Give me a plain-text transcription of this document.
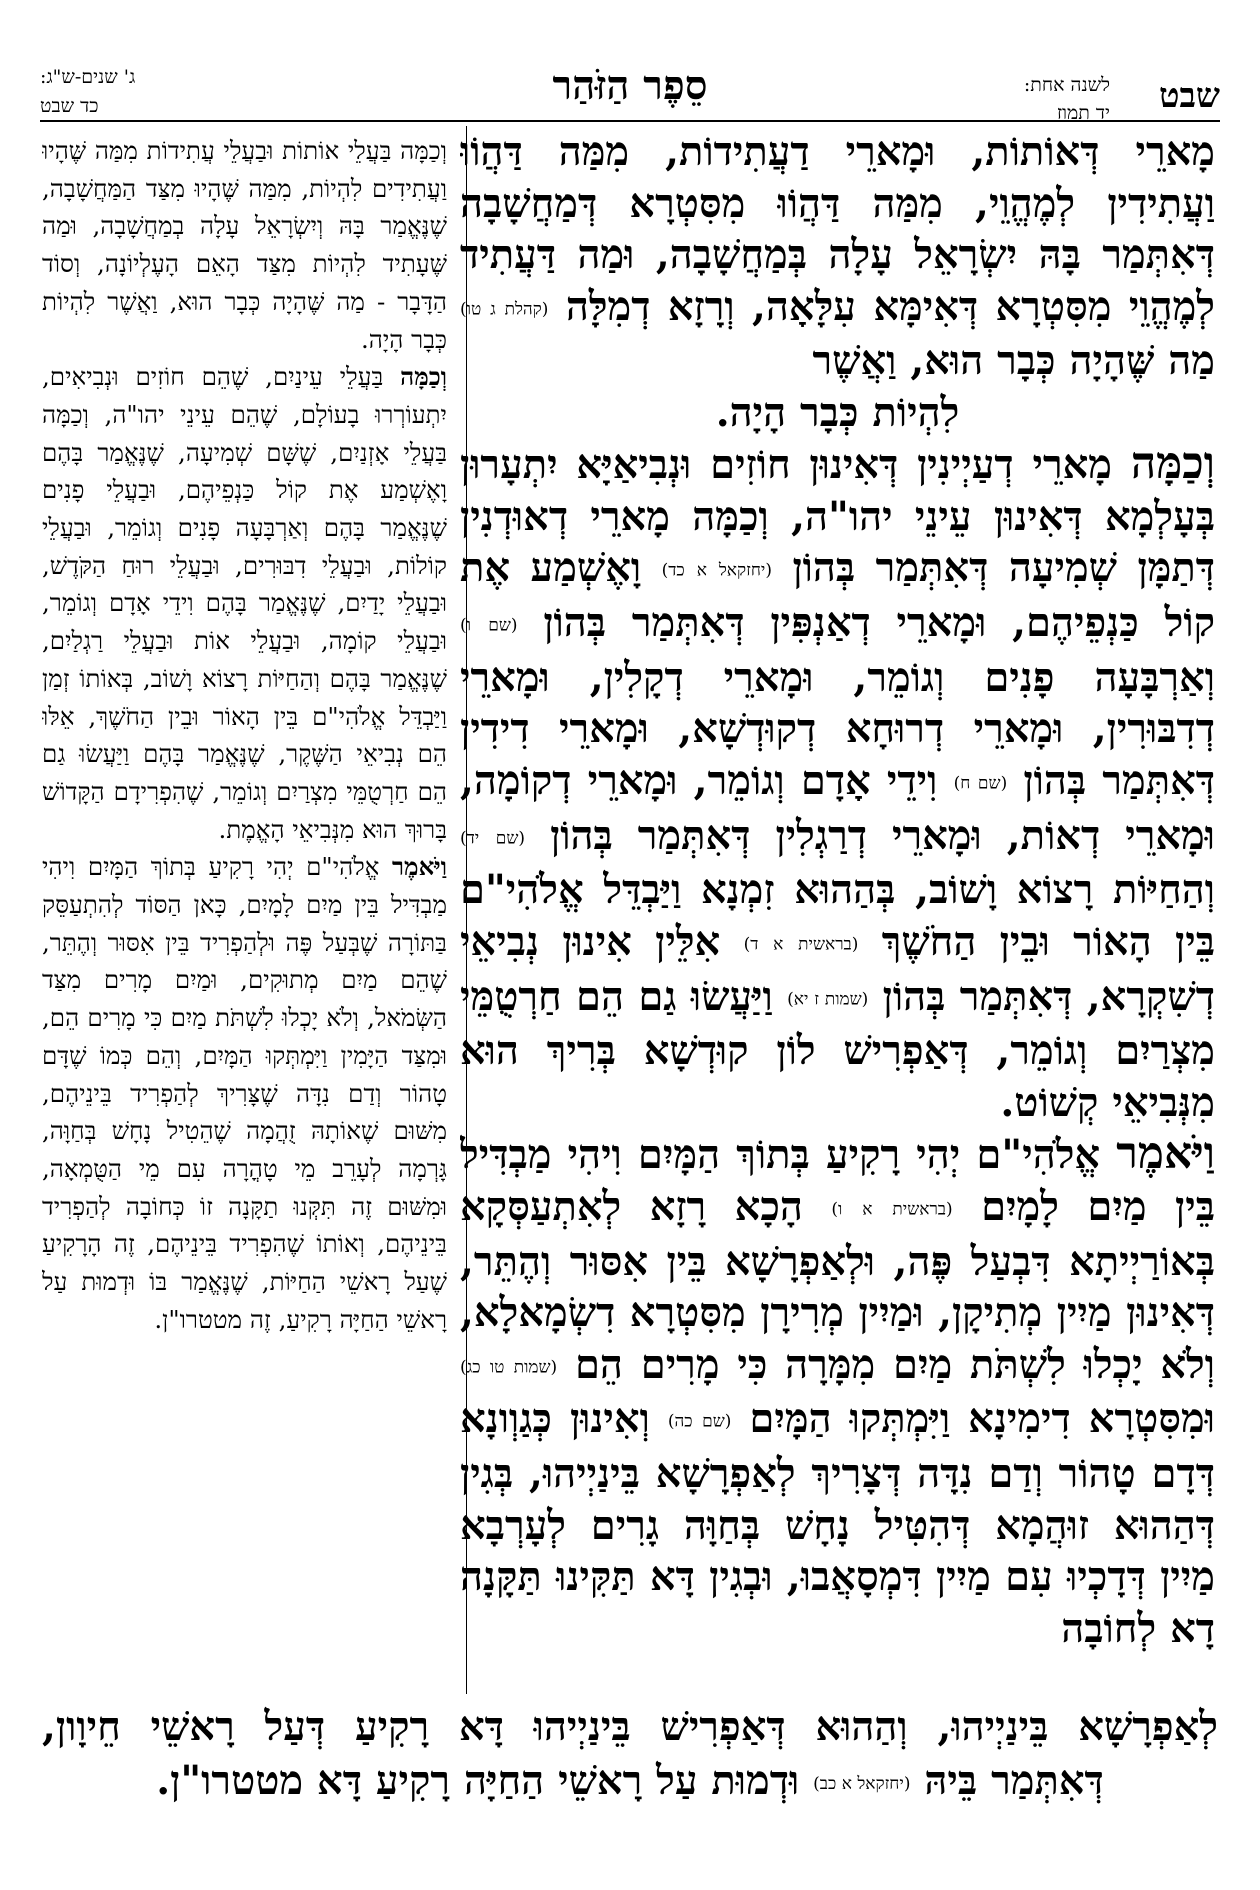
שבט
לשנה אחת:
יד תמוז
סֵפֶר הַזֹּהַר
ג' שנים-ש"ג:
כד שבט

מָארֵי דְּאוֹתוֹת, וּמָארֵי דַעֲתִידוֹת, מִמַּה דַּהֲוֹוּ וַעֲתִידִין לְמֶהֱוֵי, מִמַּה דַּהֲוֹוּ מִסִּטְרָא דְּמַחֲשָׁבָה דְּאִתְּמַר בָּהּ יִשְׂרָאֵל עָלָה בְּמַחֲשָׁבָה, וּמַה דַּעֲתִיד לְמֶהֱוֵי מִסִּטְרָא דְּאִימָּא עִלָּאָה, וְרָזָא דְמִלָּה (קהלת ג טו) מַה שֶּׁהָיָה כְּבָר הוּא, וַאֲשֶׁר

לִהְיוֹת כְּבָר הָיָה.

וְכַמָּה מָארֵי דְעַיְינִין דְּאִינוּן חוֹזִים וּנְבִיאַיָּא יִתְעָרוּן בְּעָלְמָא דְּאִינוּן עֵינֵי יהו"ה, וְכַמָּה מָארֵי דְאוּדְנִין דְּתַמָּן שְׁמִיעָה דְּאִתְּמַר בְּהוֹן (יחזקאל א כד) וָאֶשְׁמַע אֶת קוֹל כַּנְפֵיהֶם, וּמָארֵי דְאַנְפִּין דְּאִתְּמַר בְּהוֹן (שם ו) וְאַרְבָּעָה פָנִים וְגוֹמֵר, וּמָארֵי דְקָלִין, וּמָארֵי דְדִבּוּרִין, וּמָארֵי דְרוּחָא דְקוּדְשָׁא, וּמָארֵי דִידִין דְּאִתְּמַר בְּהוֹן (שם ח) וִידֵי אָדָם וְגוֹמֵר, וּמָארֵי דְקוֹמָה, וּמָארֵי דְאוֹת, וּמָארֵי דְרַגְלִין דְּאִתְּמַר בְּהוֹן (שם יד) וְהַחַיּוֹת רָצוֹא וָשׁוֹב, בְּהַהוּא זִמְנָא וַיַּבְדֵּל אֱלֹהִי"ם בֵּין הָאוֹר וּבֵין הַחֹשֶׁךְ (בראשית א ד) אִלֵּין אִינוּן נְבִיאֵי דְשִׁקְרָא, דְּאִתְּמַר בְּהוֹן (שמות ז יא) וַיַּעֲשׂוּ גַם הֵם חַרְטֻמֵּי מִצְרַיִם וְגוֹמֵר, דְּאַפְרִישׁ לוֹן קוּדְשָׁא בְּרִיךְ הוּא מִנְּבִיאֵי קְשׁוֹט.

וַיֹּאמֶר אֱלֹהִי"ם יְהִי רָקִיעַ בְּתוֹךְ הַמָּיִם וִיהִי מַבְדִּיל בֵּין מַיִם לָמָיִם (בראשית א ו) הָכָא רָזָא לְאִתְעַסְּקָא בְּאוֹרַיְיתָא דִּבְעַל פֶּה, וּלְאַפְרָשָׁא בֵּין אִסּוּר וְהֶתֵּר, דְּאִינוּן מַיִין מְתִיקָן, וּמַיִין מְרִירָן מִסִּטְרָא דִשְׂמָאלָא, וְלֹא יָכְלוּ לִשְׁתֹּת מַיִם מִמָּרָה כִּי מָרִים הֵם (שמות טו כג) וּמִסִּטְרָא דִימִינָא וַיִּמְתְּקוּ הַמָּיִם (שם כה) וְאִינוּן כְּגַוְונָא דְּדָם טָהוֹר וְדַם נִדָּה דְּצָרִיךְ לְאַפְרָשָׁא בֵּינַיְיהוּ, בְּגִין דְּהַהוּא זוּהֲמָא דְּהִטִּיל נָחָשׁ בְּחַוָּה גָרִים לְעָרְבָא מַיִין דְּדָכְיוּ עִם מַיִין דִּמְסָאֲבוּ, וּבְגִין דָּא תַּקִּינוּ תַּקָּנָה דָא לְחוֹבָה

וְכַמָּה בַּעֲלֵי אוֹתוֹת וּבַעֲלֵי עֲתִידוֹת מִמַּה שֶּׁהָיוּ וַעֲתִידִים לִהְיוֹת, מִמַּה שֶּׁהָיוּ מִצַּד הַמַּחֲשָׁבָה, שֶׁנֶּאֱמַר בָּהּ וְיִשְׂרָאֵל עָלָה בְמַחֲשָׁבָה, וּמַה שֶּׁעָתִיד לִהְיוֹת מִצַּד הָאֵם הָעֶלְיוֹנָה, וְסוֹד הַדָּבָר - מַה שֶּׁהָיָה כְּבָר הוּא, וַאֲשֶׁר לִהְיוֹת כְּבָר הָיָה.

וְכַמָּה בַּעֲלֵי עֵינַיִם, שֶׁהֵם חוֹזִים וּנְבִיאִים, יִתְעוֹרְרוּ בָעוֹלָם, שֶׁהֵם עֵינֵי יהו"ה, וְכַמָּה בַּעֲלֵי אָזְנַיִם, שֶׁשָּׁם שְׁמִיעָה, שֶׁנֶּאֱמַר בָּהֶם וָאֶשְׁמַע אֶת קוֹל כַּנְפֵיהֶם, וּבַעֲלֵי פָנִים שֶׁנֶּאֱמַר בָּהֶם וְאַרְבָּעָה פָנִים וְגוֹמֵר, וּבַעֲלֵי קוֹלוֹת, וּבַעֲלֵי דִבּוּרִים, וּבַעֲלֵי רוּחַ הַקֹּדֶשׁ, וּבַעֲלֵי יָדַיִם, שֶׁנֶּאֱמַר בָּהֶם וִידֵי אָדָם וְגוֹמֵר, וּבַעֲלֵי קוֹמָה, וּבַעֲלֵי אוֹת וּבַעֲלֵי רַגְלַיִם, שֶׁנֶּאֱמַר בָּהֶם וְהַחַיּוֹת רָצוֹא וָשׁוֹב, בְּאוֹתוֹ זְמַן וַיַּבְדֵּל אֱלֹהִי"ם בֵּין הָאוֹר וּבֵין הַחֹשֶׁךְ, אֵלּוּ הֵם נְבִיאֵי הַשֶּׁקֶר, שֶׁנֶּאֱמַר בָּהֶם וַיַּעֲשׂוּ גַם הֵם חַרְטֻמֵּי מִצְרַיִם וְגוֹמֵר, שֶׁהִפְרִידָם הַקָּדוֹשׁ בָּרוּךְ הוּא מִנְּבִיאֵי הָאֱמֶת.

וַיֹּאמֶר אֱלֹהִי"ם יְהִי רָקִיעַ בְּתוֹךְ הַמָּיִם וִיהִי מַבְדִּיל בֵּין מַיִם לָמָיִם, כָּאן הַסּוֹד לְהִתְעַסֵּק בַּתּוֹרָה שֶׁבְּעַל פֶּה וּלְהַפְרִיד בֵּין אִסּוּר וְהֶתֵּר, שֶׁהֵם מַיִם מְתוּקִים, וּמַיִם מָרִים מִצַּד הַשְּׂמֹאל, וְלֹא יָכְלוּ לִשְׁתֹּת מַיִם כִּי מָרִים הֵם, וּמִצַּד הַיָּמִין וַיִּמְתְּקוּ הַמָּיִם, וְהֵם כְּמוֹ שֶׁדָּם טָהוֹר וְדַם נִדָּה שֶׁצָּרִיךְ לְהַפְרִיד בֵּינֵיהֶם, מִשּׁוּם שֶׁאוֹתָהּ זֻהֲמָה שֶׁהֵטִיל נָחָשׁ בְּחַוָּה, גָּרְמָה לְעָרֵב מֵי טָהֳרָה עִם מֵי הַטֻּמְאָה, וּמִשּׁוּם זֶה תִּקְּנוּ תַקָּנָה זוֹ כְּחוֹבָה לְהַפְרִיד בֵּינֵיהֶם, וְאוֹתוֹ שֶׁהִפְרִיד בֵּינֵיהֶם, זֶה הָרָקִיעַ שֶׁעַל רָאשֵׁי הַחַיּוֹת, שֶׁנֶּאֱמַר בּוֹ וּדְמוּת עַל רָאשֵׁי הַחַיָּה רָקִיעַ, זֶה מטטרו"ן.

לְאַפְרָשָׁא בֵּינַיְיהוּ, וְהַהוּא דְּאַפְרִישׁ בֵּינַיְיהוּ דָּא רָקִיעַ דְּעַל רָאשֵׁי חֵיוָון,
דְּאִתְּמַר בֵּיהּ (יחזקאל א כב) וּדְמוּת עַל רָאשֵׁי הַחַיָּה רָקִיעַ דָּא מטטרו"ן.
